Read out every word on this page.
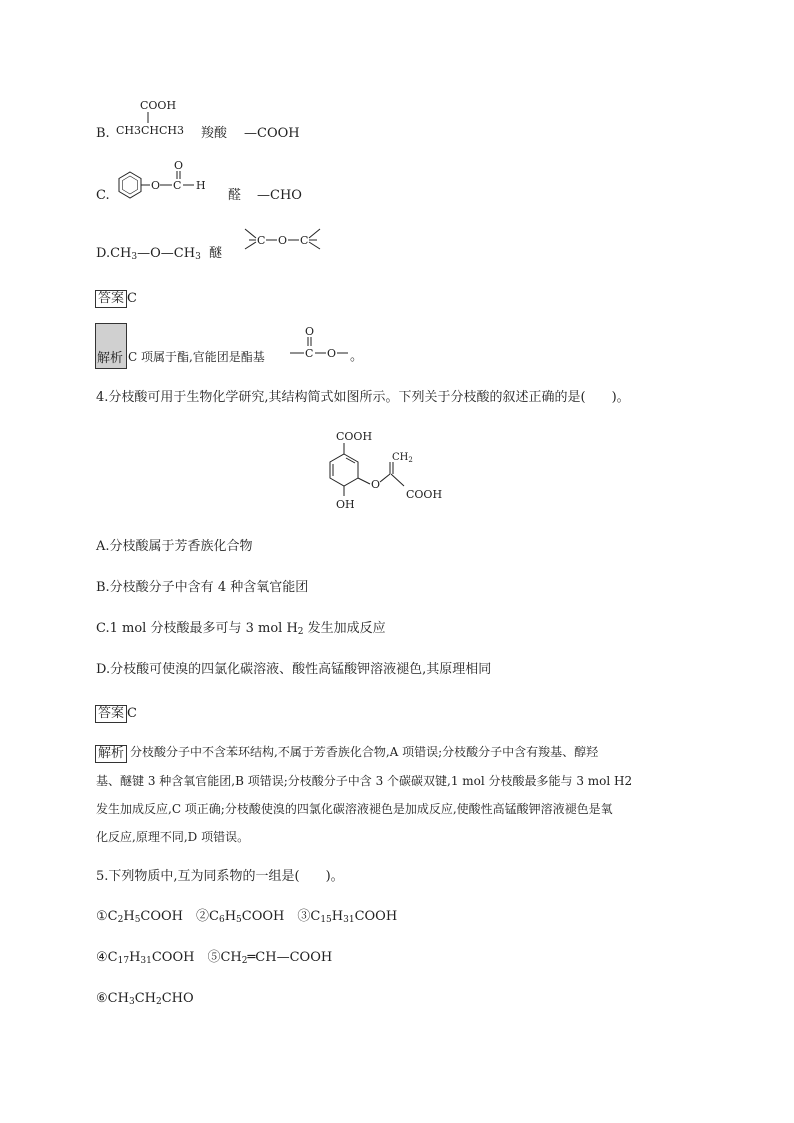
B.
COOH
CH3CHCH3 羧酸 —COOH
C.
O C
O
H
醛 —CHO
$D.CH_3—O—CH_3$ 醚
C O C
答案 C
解析 C 项属于酯,官能团是酯基	C
O
O 。
4.分枝酸可用于生物化学研究,其结构简式如图所示。下列关于分枝酸的叙述正确的是(　　)。
COOH
OH
O
$CH_2$
COOH
A.分枝酸属于芳香族化合物
B.分枝酸分子中含有 4 种含氧官能团
C.1 mol 分枝酸最多可与 3 mol $H_2$ 发生加成反应
D.分枝酸可使溴的四氯化碳溶液、酸性高锰酸钾溶液褪色,其原理相同
答案 C
解析 分枝酸分子中不含苯环结构,不属于芳香族化合物,A 项错误;分枝酸分子中含有羧基、醇羟
基、醚键 3 种含氧官能团,B 项错误;分枝酸分子中含 3 个碳碳双键,1 mol 分枝酸最多能与 3 mol H2
发生加成反应,C 项正确;分枝酸使溴的四氯化碳溶液褪色是加成反应,使酸性高锰酸钾溶液褪色是氧
化反应,原理不同,D 项错误。
5.下列物质中,互为同系物的一组是(　　)。
$①C_2H_5COOH$　$②C_6H_5COOH$　$③C_{15}H_{31}COOH$
$④C_{17}H_{31}COOH$　$⑤CH_2═CH—COOH$
$⑥CH_3CH_2CHO$
